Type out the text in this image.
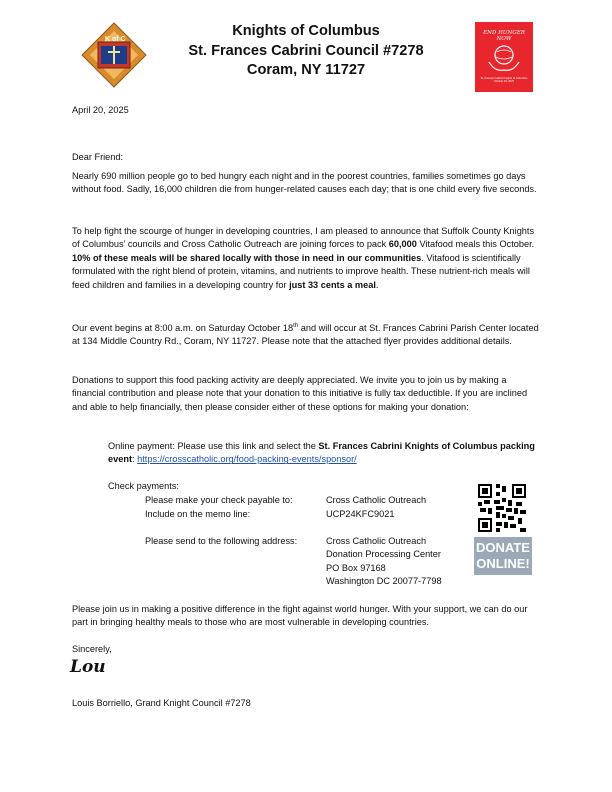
K of C
Knights of Columbus
St. Frances Cabrini Council #7278
Coram, NY 11727
END HUNGER NOW
St. Frances Cabrini Knights of Columbus
October 18, 2025
April 20, 2025
Dear Friend:
Nearly 690 million people go to bed hungry each night and in the poorest countries, families sometimes go days without food. Sadly, 16,000 children die from hunger-related causes each day; that is one child every five seconds.
To help fight the scourge of hunger in developing countries, I am pleased to announce that Suffolk County Knights of Columbus’ councils and Cross Catholic Outreach are joining forces to pack 60,000 Vitafood meals this October. 10% of these meals will be shared locally with those in need in our communities. Vitafood is scientifically formulated with the right blend of protein, vitamins, and nutrients to improve health. These nutrient-rich meals will feed children and families in a developing country for just 33 cents a meal.
Our event begins at 8:00 a.m. on Saturday October 18th and will occur at St. Frances Cabrini Parish Center located at 134 Middle Country Rd., Coram, NY 11727. Please note that the attached flyer provides additional details.
Donations to support this food packing activity are deeply appreciated. We invite you to join us by making a financial contribution and please note that your donation to this initiative is fully tax deductible. If you are inclined and able to help financially, then please consider either of these options for making your donation:
Online payment: Please use this link and select the St. Frances Cabrini Knights of Columbus packing event: https://crosscatholic.org/food-packing-events/sponsor/
Check payments:
Please make your check payable to:	Cross Catholic Outreach
Include on the memo line:	UCP24KFC9021
Please send to the following address:	Cross Catholic Outreach
Donation Processing Center
PO Box 97168
Washington DC 20077-7798
DONATE
ONLINE!
Please join us in making a positive difference in the fight against world hunger. With your support, we can do our part in bringing healthy meals to those who are most vulnerable in developing countries.
Sincerely,
Lou
Louis Borriello, Grand Knight Council #7278
